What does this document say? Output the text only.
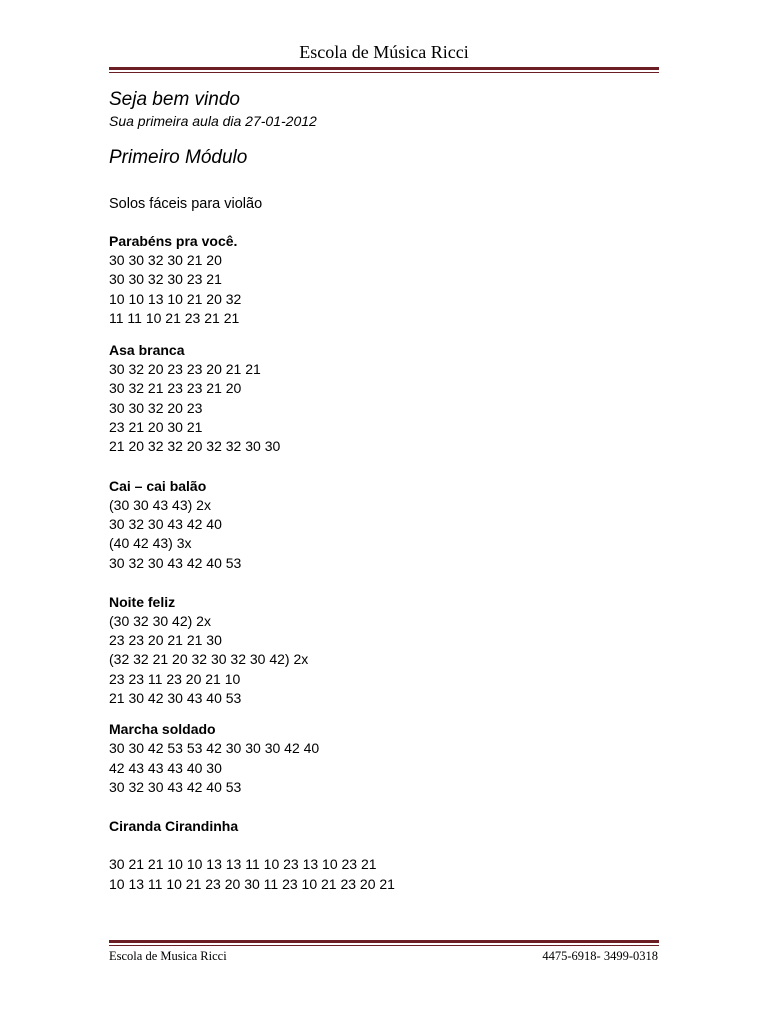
Escola de Música Ricci
Seja bem vindo
Sua primeira aula dia 27-01-2012
Primeiro Módulo
Solos fáceis para violão
Parabéns pra você.
30 30 32 30 21 20
30 30 32 30 23 21
10 10 13 10 21 20 32
11 11 10 21 23 21 21
Asa branca
30 32 20 23 23 20 21 21
30 32 21 23 23 21 20
30 30 32 20 23
23 21 20 30 21
21 20 32 32 20 32 32 30 30
Cai – cai balão
(30 30 43 43) 2x
30 32 30 43 42 40
(40 42 43) 3x
30 32 30 43 42 40 53
Noite feliz
(30 32 30 42) 2x
23 23 20 21 21 30
(32 32 21 20 32 30 32 30 42) 2x
23 23 11 23 20 21 10
21 30 42 30 43 40 53
Marcha soldado
30 30 42 53 53 42 30 30 30 42 40
42 43 43 43 40 30
30 32 30 43 42 40 53
Ciranda Cirandinha
30 21 21 10 10 13 13 11 10 23 13 10 23 21
10 13 11 10 21 23 20 30 11 23 10 21 23 20 21
Escola de Musica Ricci	4475-6918- 3499-0318
